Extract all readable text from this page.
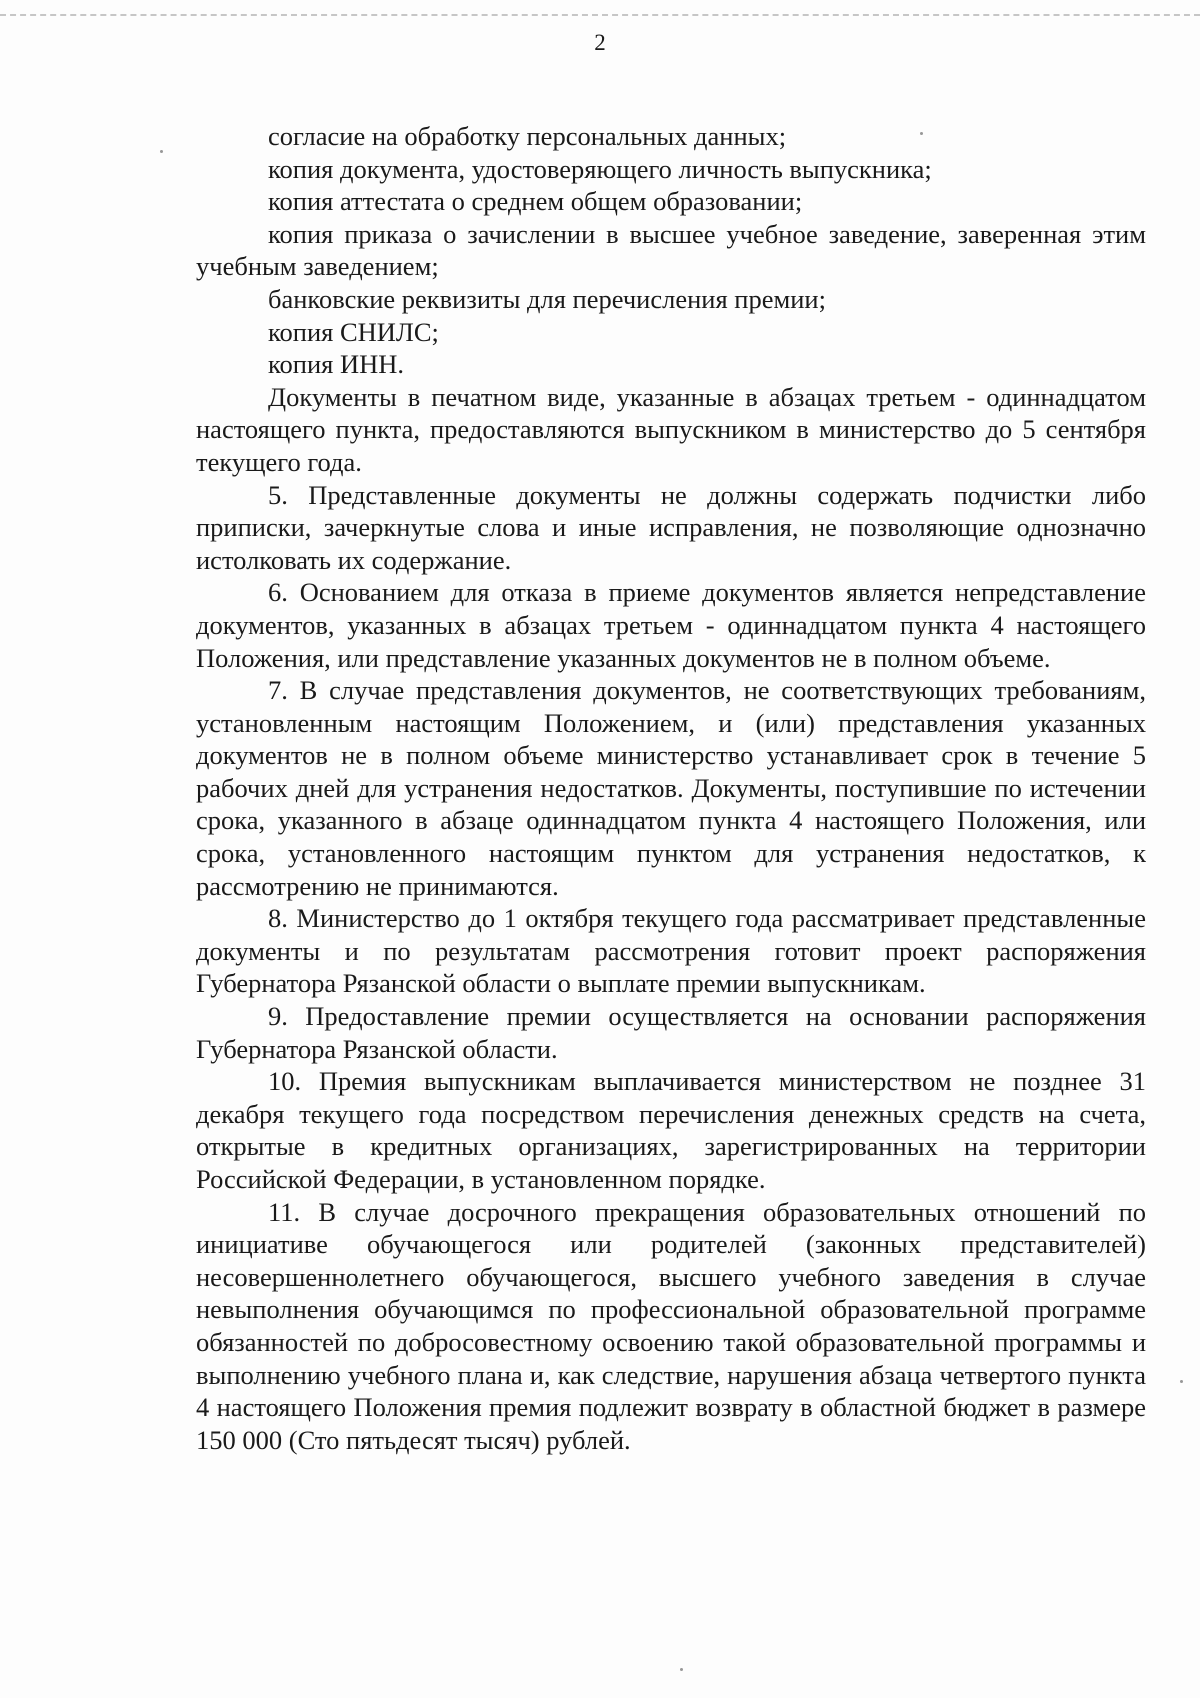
2

согласие на обработку персональных данных;

копия документа, удостоверяющего личность выпускника;

копия аттестата о среднем общем образовании;

копия приказа о зачислении в высшее учебное заведение, заверенная этим учебным заведением;

банковские реквизиты для перечисления премии;

копия СНИЛС;

копия ИНН.

Документы в печатном виде, указанные в абзацах третьем - одиннадцатом настоящего пункта, предоставляются выпускником в министерство до 5 сентября текущего года.

5. Представленные документы не должны содержать подчистки либо приписки, зачеркнутые слова и иные исправления, не позволяющие однозначно истолковать их содержание.

6. Основанием для отказа в приеме документов является непредставление документов, указанных в абзацах третьем - одиннадцатом пункта 4 настоящего Положения, или представление указанных документов не в полном объеме.

7. В случае представления документов, не соответствующих требованиям, установленным настоящим Положением, и (или) представления указанных документов не в полном объеме министерство устанавливает срок в течение 5 рабочих дней для устранения недостатков. Документы, поступившие по истечении срока, указанного в абзаце одиннадцатом пункта 4 настоящего Положения, или срока, установленного настоящим пунктом для устранения недостатков, к рассмотрению не принимаются.

8. Министерство до 1 октября текущего года рассматривает представленные документы и по результатам рассмотрения готовит проект распоряжения Губернатора Рязанской области о выплате премии выпускникам.

9. Предоставление премии осуществляется на основании распоряжения Губернатора Рязанской области.

10. Премия выпускникам выплачивается министерством не позднее 31 декабря текущего года посредством перечисления денежных средств на счета, открытые в кредитных организациях, зарегистрированных на территории Российской Федерации, в установленном порядке.

11. В случае досрочного прекращения образовательных отношений по инициативе обучающегося или родителей (законных представителей) несовершеннолетнего обучающегося, высшего учебного заведения в случае невыполнения обучающимся по профессиональной образовательной программе обязанностей по добросовестному освоению такой образовательной программы и выполнению учебного плана и, как следствие, нарушения абзаца четвертого пункта 4 настоящего Положения премия подлежит возврату в областной бюджет в размере 150 000 (Сто пятьдесят тысяч) рублей.
